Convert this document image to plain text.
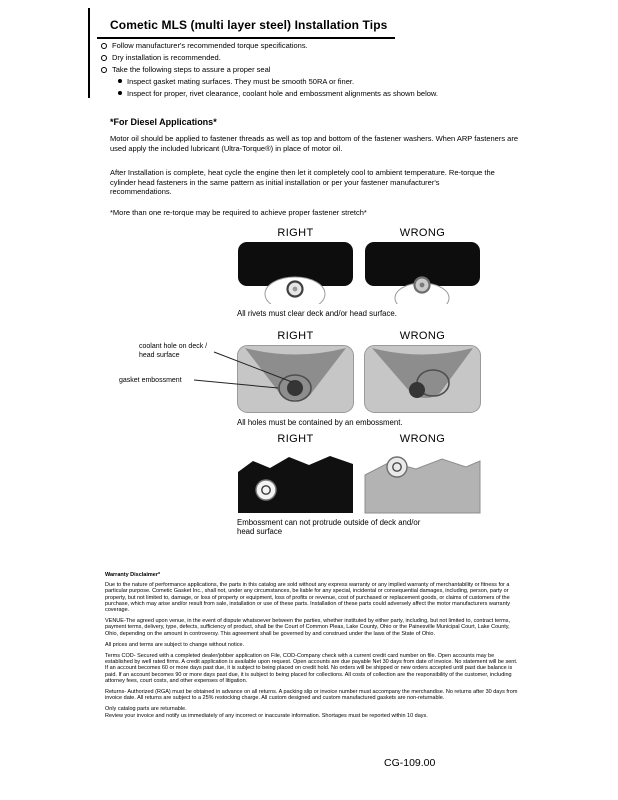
Cometic MLS (multi layer steel) Installation Tips
Follow manufacturer's recommended torque specifications.
Dry installation is recommended.
Take the following steps to assure a proper seal
Inspect gasket mating surfaces. They must be smooth 50RA or finer.
Inspect for proper, rivet clearance, coolant hole and embossment alignments as shown below.
*For Diesel Applications*
Motor oil should be applied to fastener threads as well as top and bottom of the fastener washers. When ARP fasteners are used apply the included lubricant (Ultra-Torque®) in place of motor oil.
After Installation is complete, heat cycle the engine then let it completely cool to ambient temperature. Re-torque the cylinder head fasteners in the same pattern as initial installation or per your fastener manufacturer's recommendations.
*More than one re-torque may be required to achieve proper fastener stretch*
RIGHT	WRONG
All rivets must clear deck and/or head surface.
RIGHT	WRONG
coolant hole on deck / head surface
gasket embossment
All holes must be contained by an embossment.
RIGHT	WRONG
Embossment can not protrude outside of deck and/or head surface
Warranty Disclaimer*

Due to the nature of performance applications, the parts in this catalog are sold without any express warranty or any implied warranty of merchantability or fitness for a particular purpose. Cometic Gasket Inc., shall not, under any circumstances, be liable for any special, incidental or consequential damages, including, person, party or property, but not limited to, damage, or loss of property or equipment, loss of profits or revenue, cost of purchased or replacement goods, or claims of customers of the purchase, which may arise and/or result from sale, installation or use of these parts. Installation of these parts could adversely affect the motor manufacturers warranty coverage.

VENUE-The agreed upon venue, in the event of dispute whatsoever between the parties, whether instituted by either party, including, but not limited to, contract terms, payment terms, delivery, type, defects, sufficiency of product, shall be the Court of Common Pleas, Lake County, Ohio or the Painesville Municipal Court, Lake County, Ohio, depending on the amount in controversy. This agreement shall be governed by and construed under the laws of the State of Ohio.

All prices and terms are subject to change without notice.

Terms COD- Secured with a completed dealer/jobber application on File, COD-Company check with a current credit card number on file. Open accounts may be established by well rated firms. A credit application is available upon request. Open accounts are due payable Net 30 days from date of invoice. No statement will be sent. If an account becomes 60 or more days past due, it is subject to being placed on credit hold. No orders will be shipped or new orders accepted until past due balance is paid. If an account becomes 90 or more days past due, it is subject to being placed for collections. All costs of collection are the responsibility of the customer, including attorney fees, court costs, and other expenses of litigation.

Returns- Authorized (RGA) must be obtained in advance on all returns. A packing slip or invoice number must accompany the merchandise. No returns after 30 days from invoice date. All returns are subject to a 25% restocking charge. All custom designed and custom manufactured gaskets are non-returnable.

Only catalog parts are returnable.

Review your invoice and notify us immediately of any incorrect or inaccurate information. Shortages must be reported within 10 days.

CG-109.00
